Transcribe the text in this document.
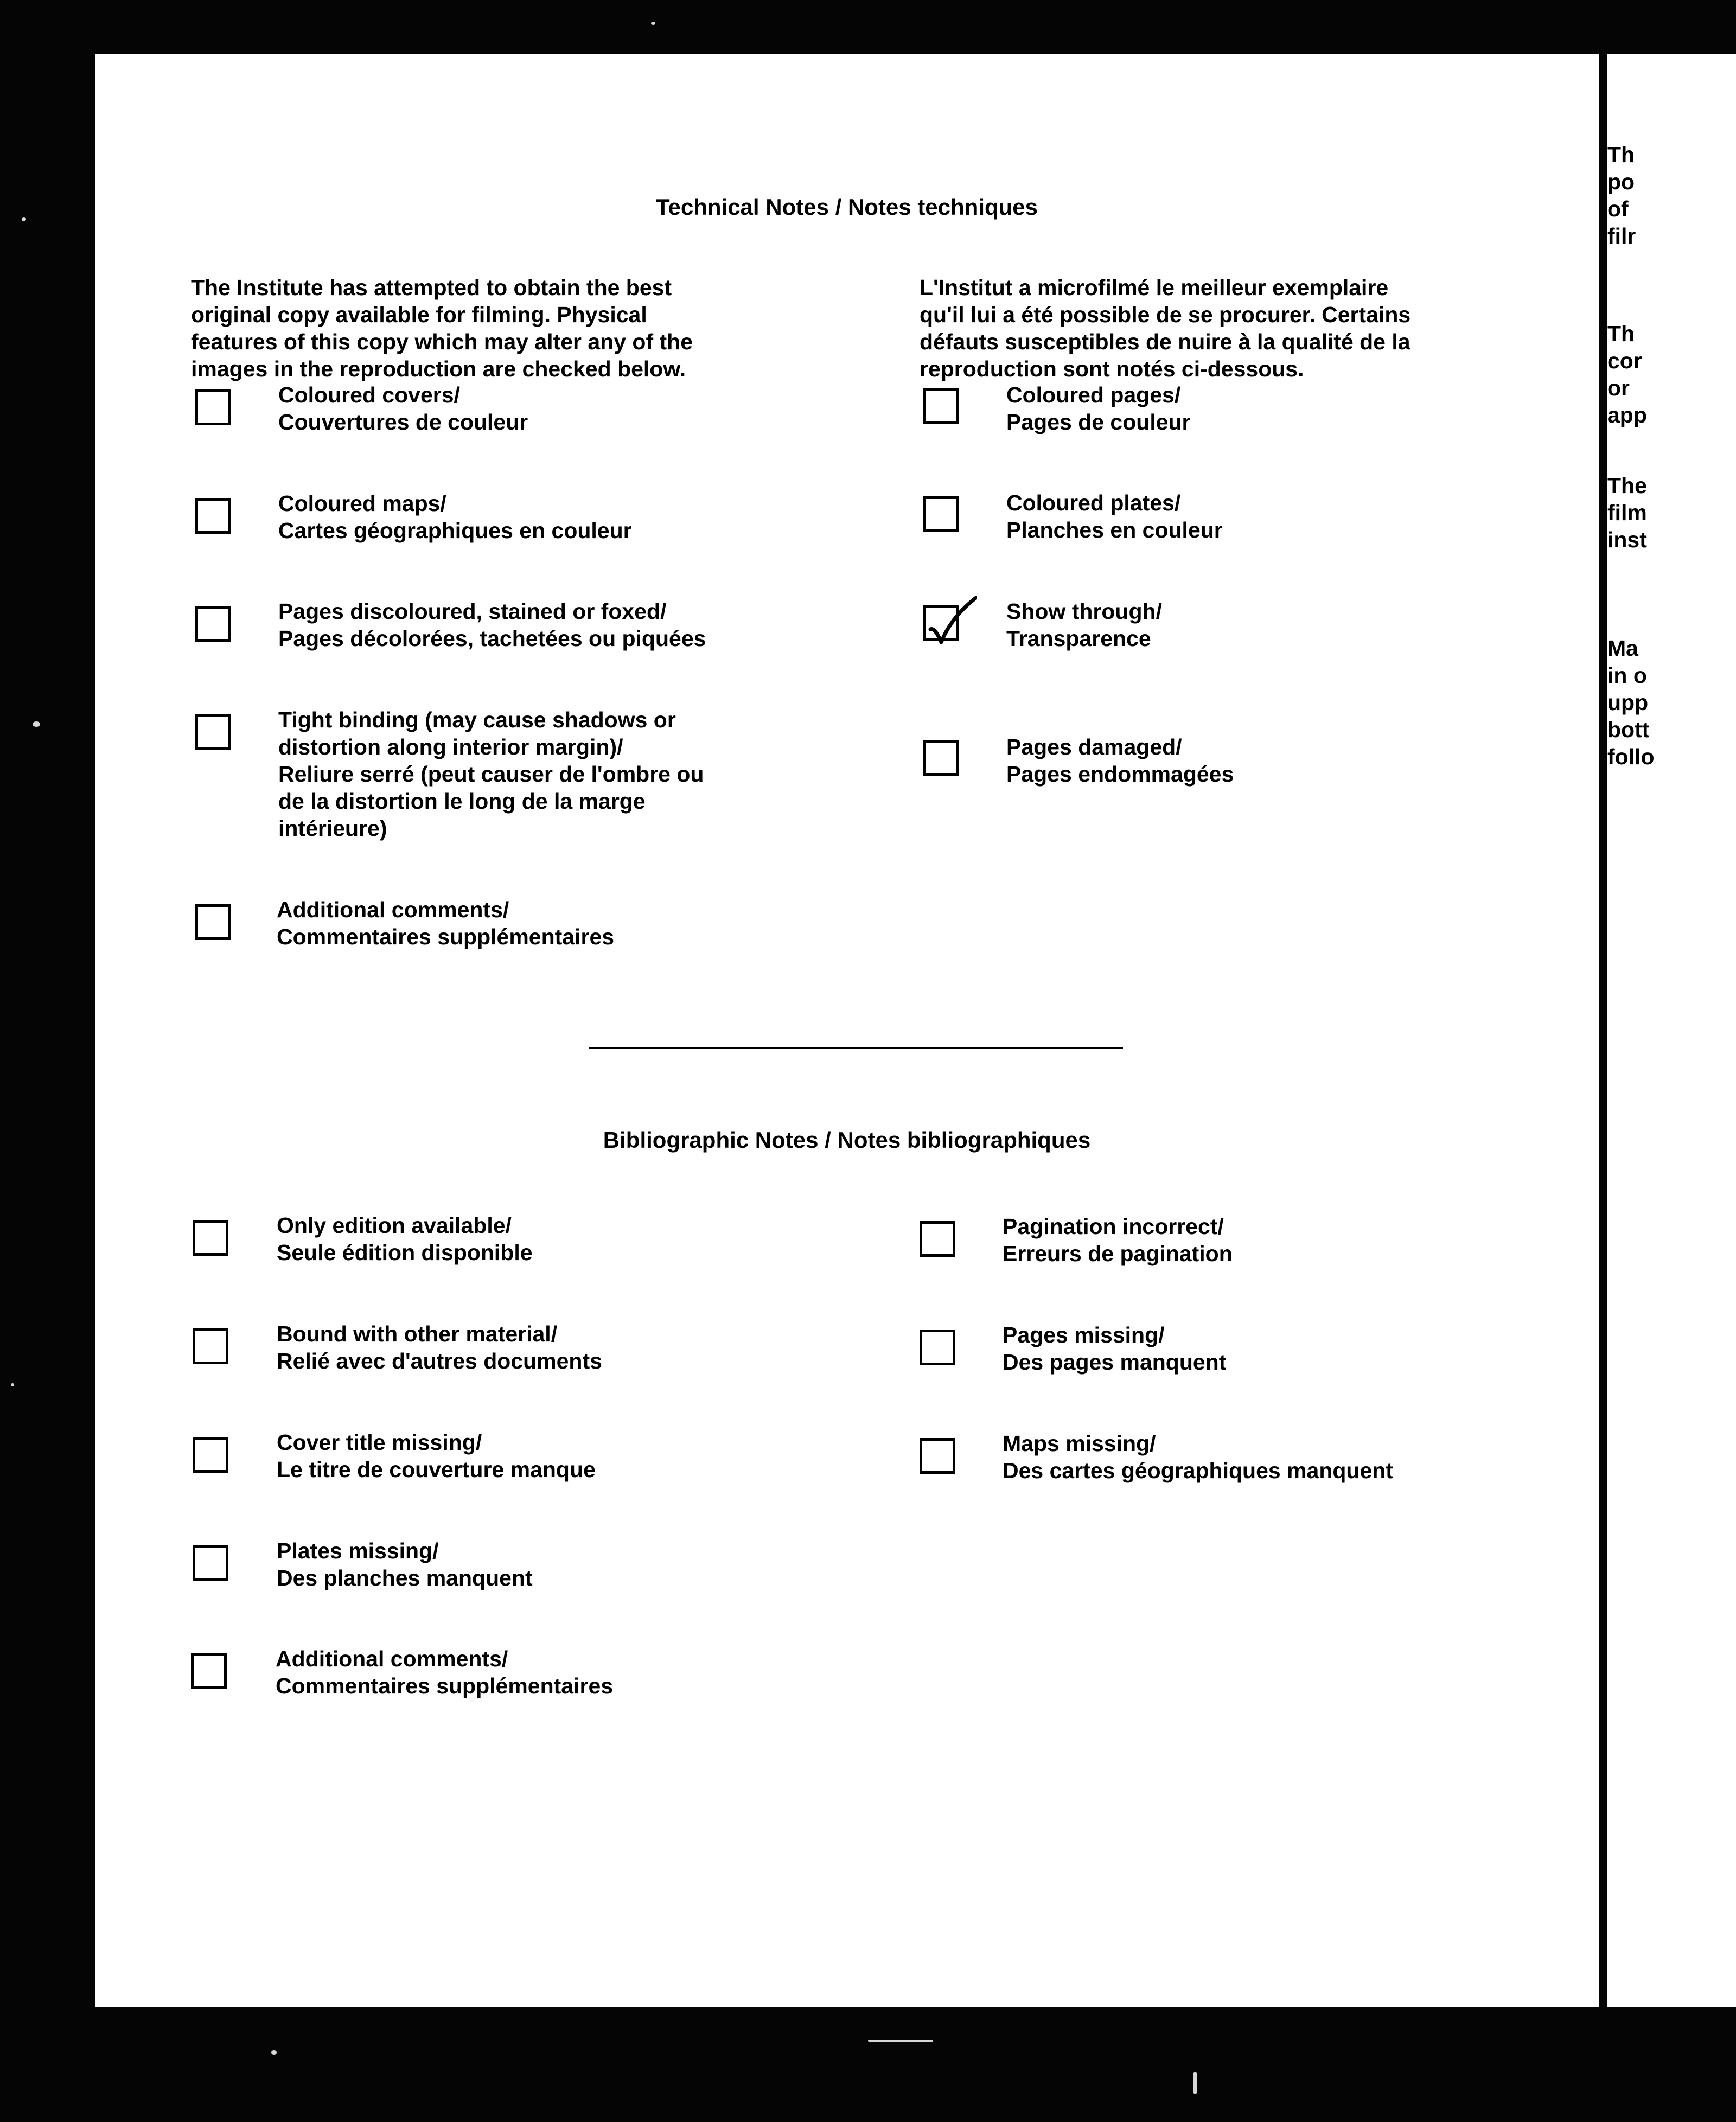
Technical Notes / Notes techniques
The Institute has attempted to obtain the best
original copy available for filming. Physical
features of this copy which may alter any of the
images in the reproduction are checked below.
L'Institut a microfilmé le meilleur exemplaire
qu'il lui a été possible de se procurer. Certains
défauts susceptibles de nuire à la qualité de la
reproduction sont notés ci-dessous.
Coloured covers/
Couvertures de couleur
Coloured maps/
Cartes géographiques en couleur
Pages discoloured, stained or foxed/
Pages décolorées, tachetées ou piquées
Tight binding (may cause shadows or
distortion along interior margin)/
Reliure serré (peut causer de l'ombre ou
de la distortion le long de la marge
intérieure)
Additional comments/
Commentaires supplémentaires
Coloured pages/
Pages de couleur
Coloured plates/
Planches en couleur
Show through/
Transparence
Pages damaged/
Pages endommagées
Bibliographic Notes / Notes bibliographiques
Only edition available/
Seule édition disponible
Bound with other material/
Relié avec d'autres documents
Cover title missing/
Le titre de couverture manque
Plates missing/
Des planches manquent
Additional comments/
Commentaires supplémentaires
Pagination incorrect/
Erreurs de pagination
Pages missing/
Des pages manquent
Maps missing/
Des cartes géographiques manquent
Th
po
of
filr
Th
cor
or
app
The
film
inst
Ma
in o
upp
bott
follo
